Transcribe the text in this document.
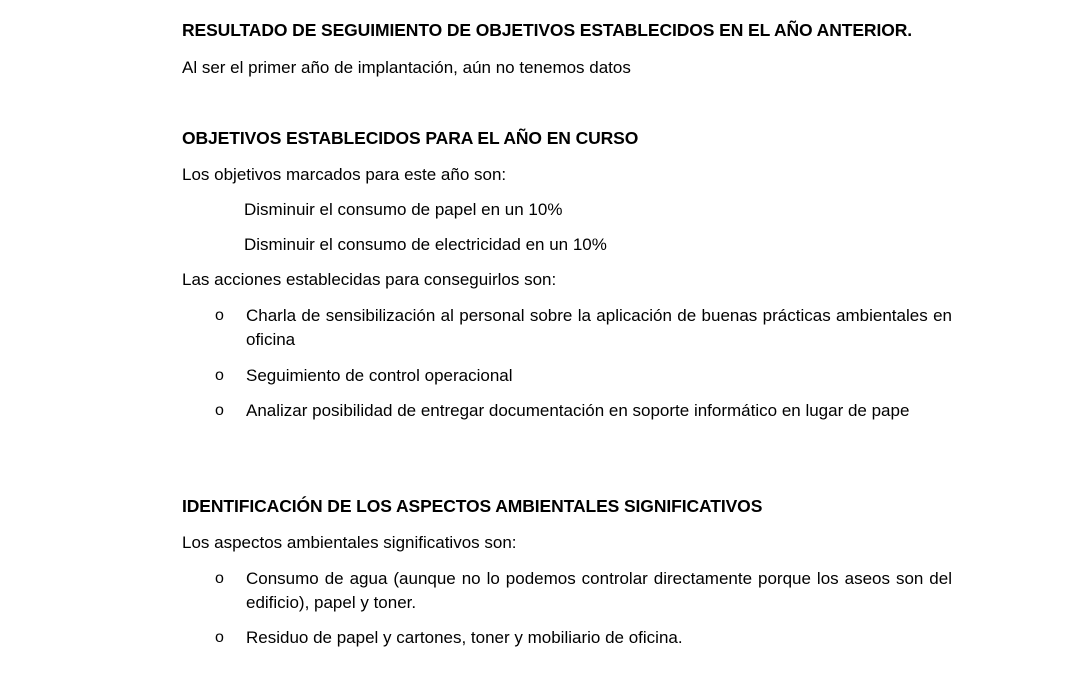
RESULTADO DE SEGUIMIENTO DE OBJETIVOS ESTABLECIDOS EN EL AÑO ANTERIOR.
Al ser el primer año de implantación, aún no tenemos datos
OBJETIVOS ESTABLECIDOS PARA EL AÑO EN CURSO
Los objetivos marcados para este año son:
Disminuir el consumo de papel en un 10%
Disminuir el consumo de electricidad en un 10%
Las acciones establecidas para conseguirlos son:
o Charla de sensibilización al personal sobre la aplicación de buenas prácticas ambientales en oficina
o Seguimiento de control operacional
o Analizar posibilidad de entregar documentación en soporte informático en lugar de pape
IDENTIFICACIÓN DE LOS ASPECTOS AMBIENTALES SIGNIFICATIVOS
Los aspectos ambientales significativos son:
o Consumo de agua (aunque no lo podemos controlar directamente porque los aseos son del edificio), papel y toner.
o Residuo de papel y cartones, toner y mobiliario de oficina.
